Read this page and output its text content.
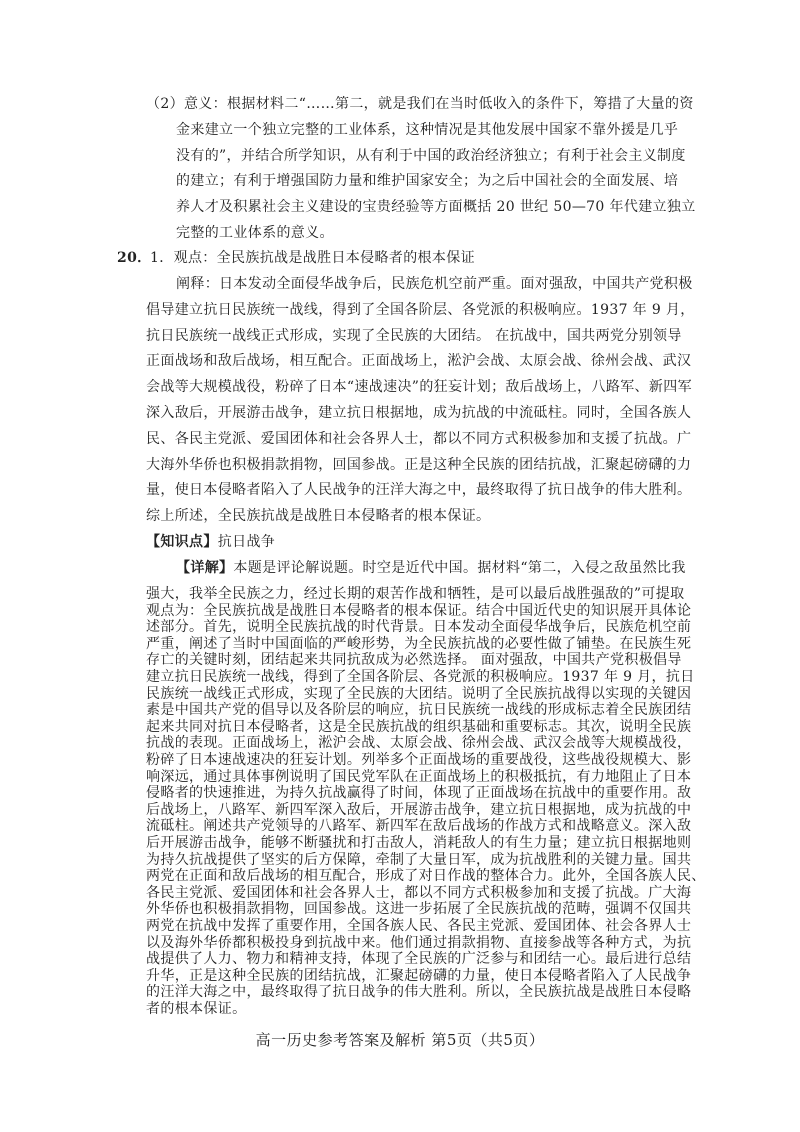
（2）意义：根据材料二“……第二，就是我们在当时低收入的条件下，筹措了大量的资
金来建立一个独立完整的工业体系，这种情况是其他发展中国家不靠外援是几乎
没有的”，并结合所学知识，从有利于中国的政治经济独立；有利于社会主义制度
的建立；有利于增强国防力量和维护国家安全；为之后中国社会的全面发展、培
养人才及积累社会主义建设的宝贵经验等方面概括 20 世纪 50—70 年代建立独立
完整的工业体系的意义。
20．
1．观点：全民族抗战是战胜日本侵略者的根本保证
阐释：日本发动全面侵华战争后，民族危机空前严重。面对强敌，中国共产党积极
倡导建立抗日民族统一战线，得到了全国各阶层、各党派的积极响应。1937 年 9 月，
抗日民族统一战线正式形成，实现了全民族的大团结。 在抗战中，国共两党分别领导
正面战场和敌后战场，相互配合。正面战场上，淞沪会战、太原会战、徐州会战、武汉
会战等大规模战役，粉碎了日本“速战速决”的狂妄计划；敌后战场上，八路军、新四军
深入敌后，开展游击战争，建立抗日根据地，成为抗战的中流砥柱。同时，全国各族人
民、各民主党派、爱国团体和社会各界人士，都以不同方式积极参加和支援了抗战。广
大海外华侨也积极捐款捐物，回国参战。正是这种全民族的团结抗战，汇聚起磅礴的力
量，使日本侵略者陷入了人民战争的汪洋大海之中，最终取得了抗日战争的伟大胜利。
综上所述，全民族抗战是战胜日本侵略者的根本保证。
【知识点】抗日战争
【详解】本题是评论解说题。时空是近代中国。据材料“第二，入侵之敌虽然比我
强大，我举全民族之力，经过长期的艰苦作战和牺牲，是可以最后战胜强敌的”可提取
观点为：全民族抗战是战胜日本侵略者的根本保证。结合中国近代史的知识展开具体论
述部分。首先，说明全民族抗战的时代背景。日本发动全面侵华战争后，民族危机空前
严重，阐述了当时中国面临的严峻形势，为全民族抗战的必要性做了铺垫。在民族生死
存亡的关键时刻，团结起来共同抗敌成为必然选择。 面对强敌，中国共产党积极倡导
建立抗日民族统一战线，得到了全国各阶层、各党派的积极响应。1937 年 9 月，抗日
民族统一战线正式形成，实现了全民族的大团结。说明了全民族抗战得以实现的关键因
素是中国共产党的倡导以及各阶层的响应，抗日民族统一战线的形成标志着全民族团结
起来共同对抗日本侵略者，这是全民族抗战的组织基础和重要标志。其次，说明全民族
抗战的表现。正面战场上，淞沪会战、太原会战、徐州会战、武汉会战等大规模战役，
粉碎了日本速战速决的狂妄计划。列举多个正面战场的重要战役，这些战役规模大、影
响深远，通过具体事例说明了国民党军队在正面战场上的积极抵抗，有力地阻止了日本
侵略者的快速推进，为持久抗战赢得了时间，体现了正面战场在抗战中的重要作用。敌
后战场上，八路军、新四军深入敌后，开展游击战争，建立抗日根据地，成为抗战的中
流砥柱。阐述共产党领导的八路军、新四军在敌后战场的作战方式和战略意义。深入敌
后开展游击战争，能够不断骚扰和打击敌人，消耗敌人的有生力量；建立抗日根据地则
为持久抗战提供了坚实的后方保障，牵制了大量日军，成为抗战胜利的关键力量。国共
两党在正面和敌后战场的相互配合，形成了对日作战的整体合力。此外，全国各族人民、
各民主党派、爱国团体和社会各界人士，都以不同方式积极参加和支援了抗战。广大海
外华侨也积极捐款捐物，回国参战。这进一步拓展了全民族抗战的范畴，强调不仅国共
两党在抗战中发挥了重要作用，全国各族人民、各民主党派、爱国团体、社会各界人士
以及海外华侨都积极投身到抗战中来。他们通过捐款捐物、直接参战等各种方式，为抗
战提供了人力、物力和精神支持，体现了全民族的广泛参与和团结一心。最后进行总结
升华，正是这种全民族的团结抗战，汇聚起磅礴的力量，使日本侵略者陷入了人民战争
的汪洋大海之中，最终取得了抗日战争的伟大胜利。所以，全民族抗战是战胜日本侵略
者的根本保证。
高一历史参考答案及解析 第5页（共5页）
